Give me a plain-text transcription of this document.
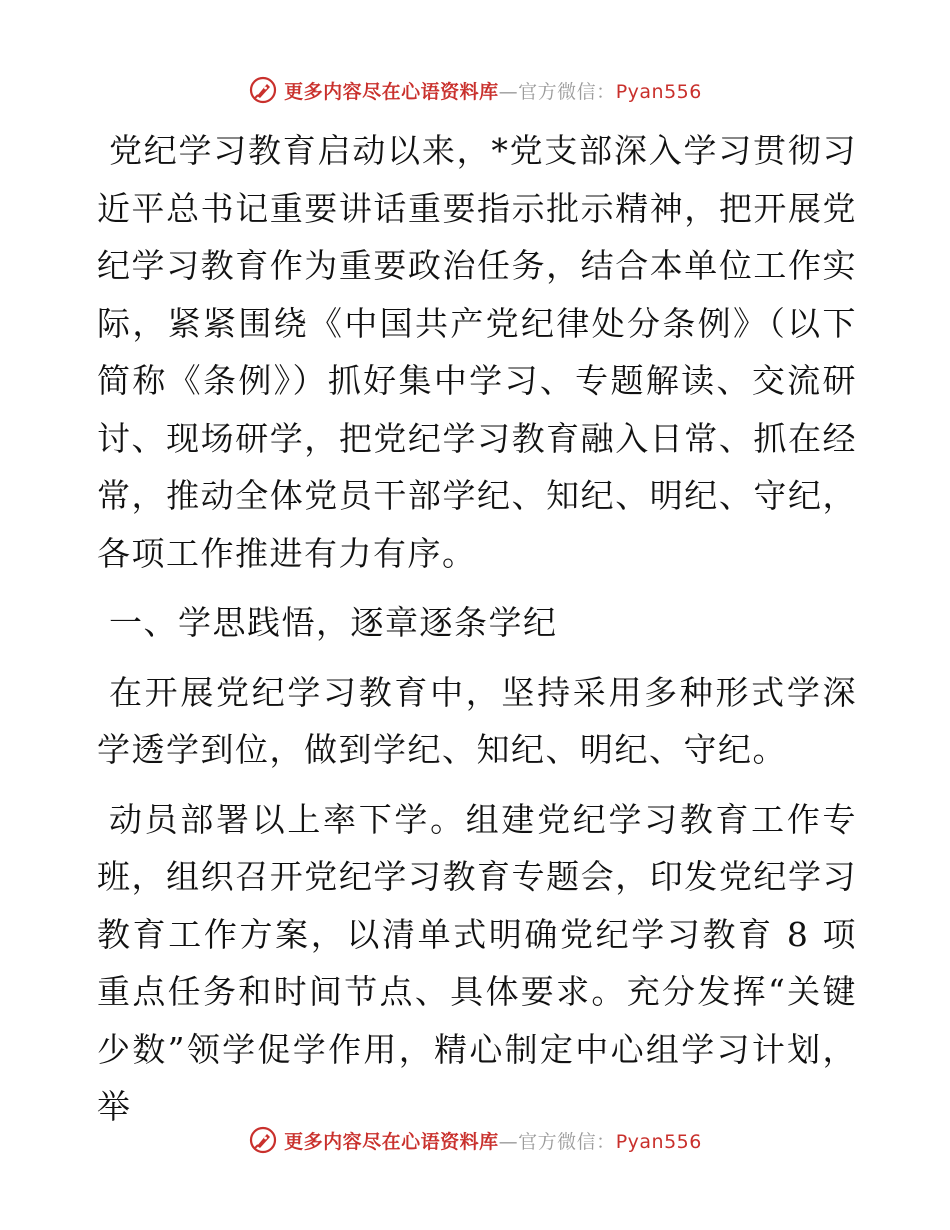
更多内容尽在心语资料库—官方微信：Pyan556

党纪学习教育启动以来，*党支部深入学习贯彻习近平总书记重要讲话重要指示批示精神，把开展党纪学习教育作为重要政治任务，结合本单位工作实际，紧紧围绕《中国共产党纪律处分条例》（以下简称《条例》）抓好集中学习、专题解读、交流研讨、现场研学，把党纪学习教育融入日常、抓在经常，推动全体党员干部学纪、知纪、明纪、守纪，各项工作推进有力有序。

一、学思践悟，逐章逐条学纪

在开展党纪学习教育中，坚持采用多种形式学深学透学到位，做到学纪、知纪、明纪、守纪。

动员部署以上率下学。组建党纪学习教育工作专班，组织召开党纪学习教育专题会，印发党纪学习教育工作方案，以清单式明确党纪学习教育 8 项重点任务和时间节点、具体要求。充分发挥“关键少数”领学促学作用，精心制定中心组学习计划，举

更多内容尽在心语资料库—官方微信：Pyan556
